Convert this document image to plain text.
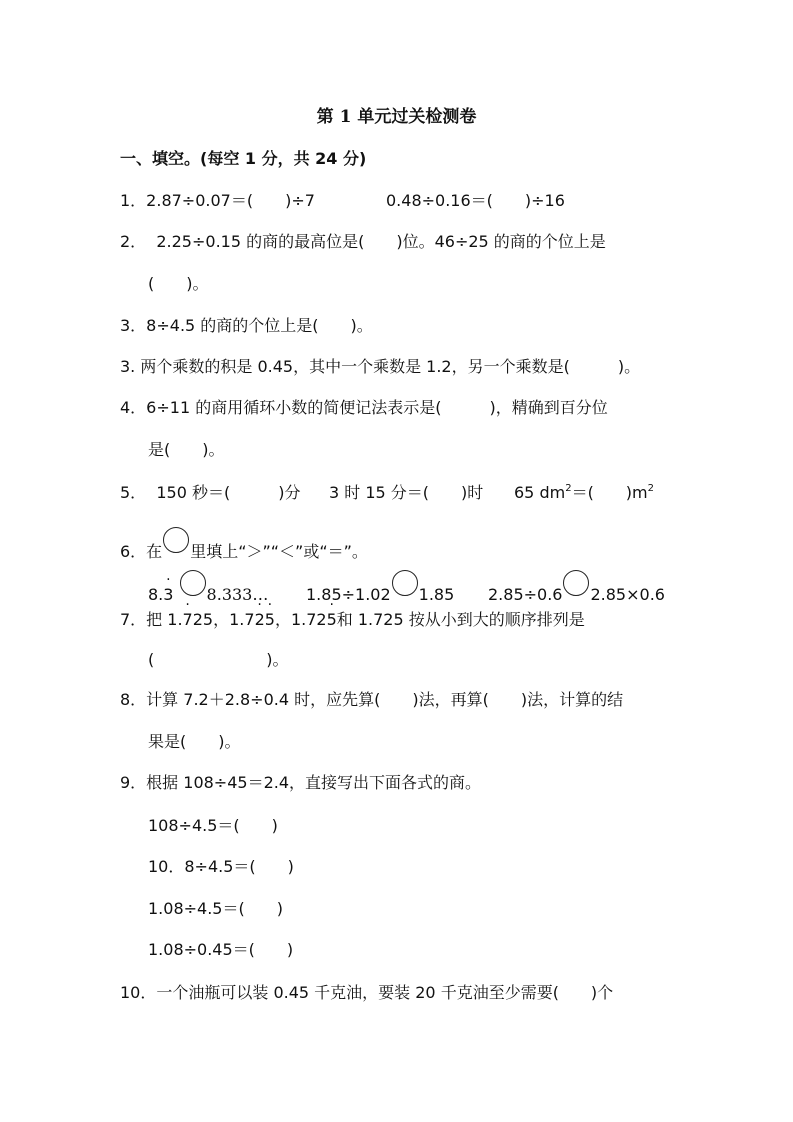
第 1 单元过关检测卷
一、填空。(每空 1 分，共 24 分)
1．2.87÷0.07＝(　　)÷7	0.48÷0.16＝(　　)÷16
2．  2.25÷0.15 的商的最高位是(　　)位。46÷25 的商的个位上是
(　　)。
3．8÷4.5 的商的个位上是(　　)。
3. 两个乘数的积是 0.45，其中一个乘数是 1.2，另一个乘数是(　　　)。
4．6÷11 的商用循环小数的简便记法表示是(　　　)，精确到百分位
是(　　)。
5．  150 秒＝(　　　)分 3 时 15 分＝(　　)时 65 $dm^2=$(　　)$m^2$
6．在 里填上“＞”“＜”或“＝”。
8.3 · 8.333… 1.85÷1.02 1.85 2.85÷0.6 2.85×0.6
7．把 1.7 ·25，1.72 ·5 ·，1.725 ·和 1.725 按从小到大的顺序排列是
(　　　　　　　)。
8．计算 7.2＋2.8÷0.4 时，应先算(　　)法，再算(　　)法，计算的结
果是(　　)。
9．根据 108÷45＝2.4，直接写出下面各式的商。
108÷4.5＝(　　)
10．8÷4.5＝(　　)
1.08÷4.5＝(　　)
1.08÷0.45＝(　　)
10．一个油瓶可以装 0.45 千克油，要装 20 千克油至少需要(　　)个
